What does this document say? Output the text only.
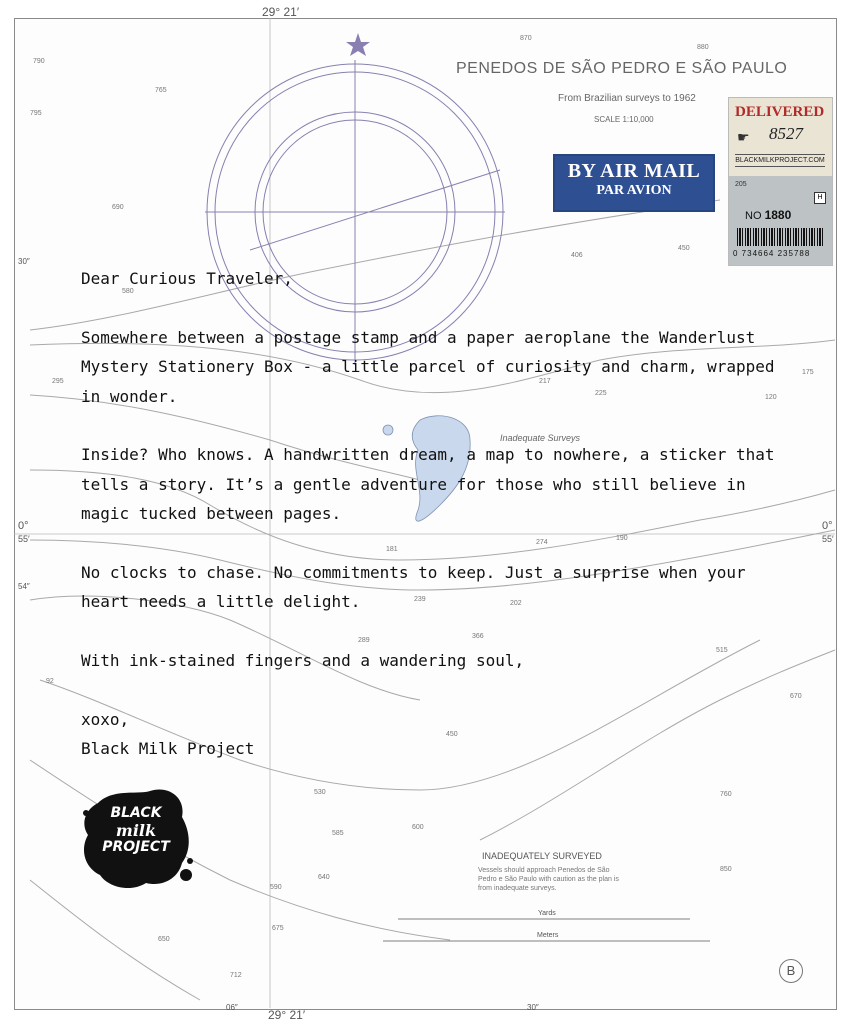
29° 21′
29° 21′
30″
0°
55′
54″
0°
55′
30″
06″
870
880
790
765
795
690
580
295
92
650
712
640
675
590
585
530
600
450
289
366
239
202
181
274
190
515
670
760
850
406
450
217
225
175
120
PENEDOS DE SÃO PEDRO E SÃO PAULO
From Brazilian surveys to 1962
SCALE 1:10,000
Inadequate Surveys
INADEQUATELY SURVEYED
Vessels should approach Penedos de São Pedro e São Paulo with caution as the plan is from inadequate surveys.
Yards
Meters
B
BY AIR MAIL
PAR AVION
DELIVERED
☛ 8527
BLACKMILKPROJECT.COM
205
H
NO 1880
0 734664 235788

Dear Curious Traveler,

Somewhere between a postage stamp and a paper aeroplane the Wanderlust Mystery Stationery Box - a little parcel of curiosity and charm, wrapped in wonder.

Inside? Who knows. A handwritten dream, a map to nowhere, a sticker that tells a story. It’s a gentle adventure for those who still believe in magic tucked between pages.

No clocks to chase. No commitments to keep. Just a surprise when your heart needs a little delight.

With ink-stained fingers and a wandering soul,

xoxo,

Black Milk Project

BLACK
milk
PROJECT
